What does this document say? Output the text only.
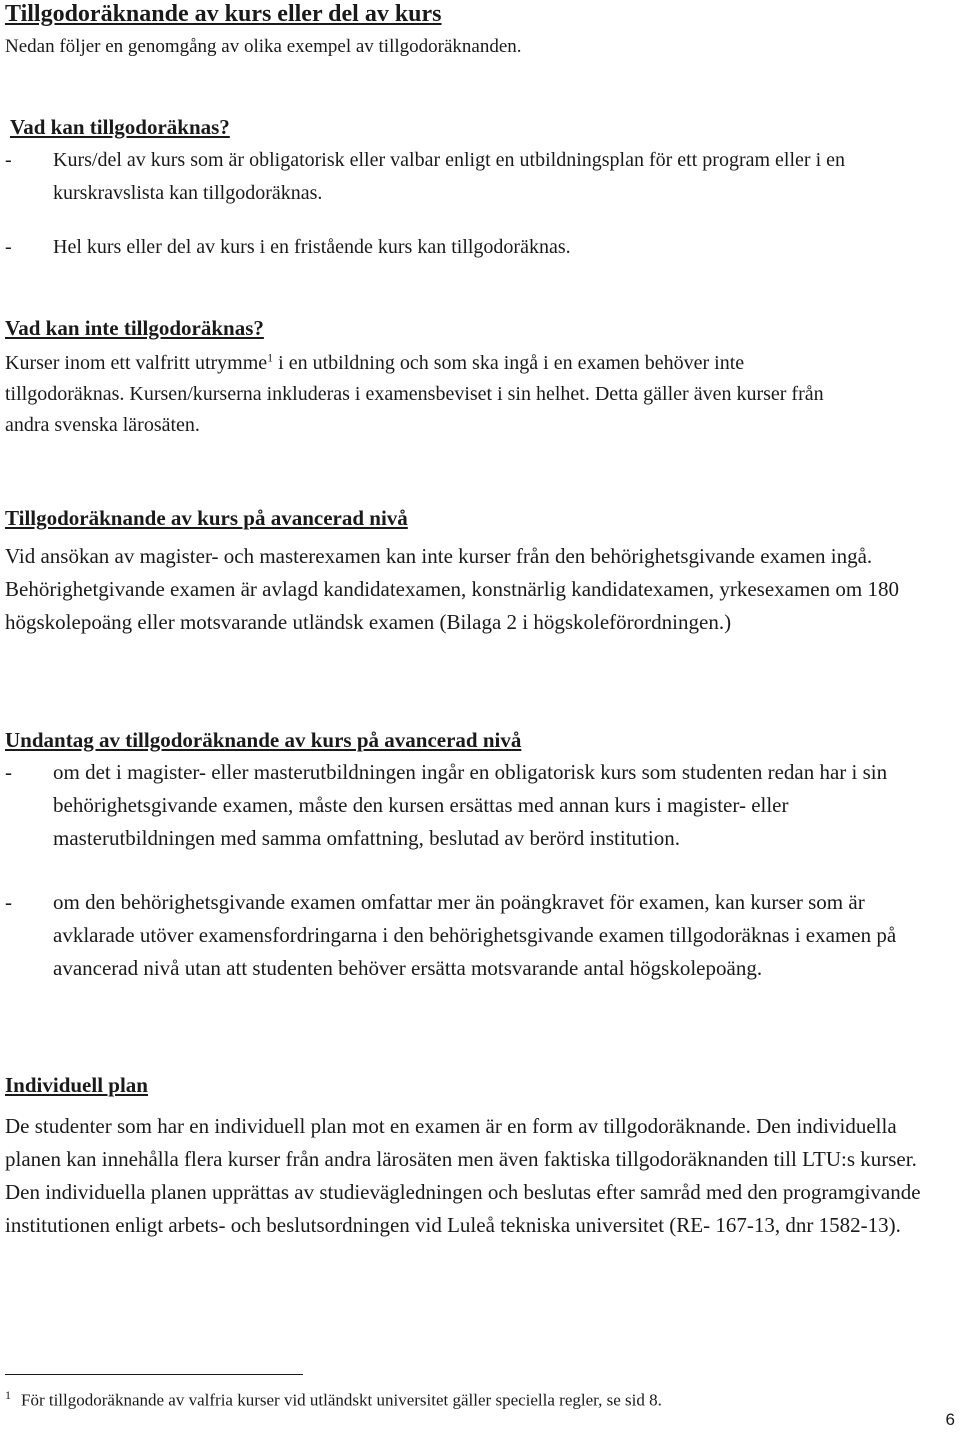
Tillgodoräknande av kurs eller del av kurs

Nedan följer en genomgång av olika exempel av tillgodoräknanden.

Vad kan tillgodoräknas?
-	Kurs/del av kurs som är obligatorisk eller valbar enligt en utbildningsplan för ett program eller i en kurskravslista kan tillgodoräknas.
-	Hel kurs eller del av kurs i en fristående kurs kan tillgodoräknas.
Vad kan inte tillgodoräknas?

Kurser inom ett valfritt utrymme$^1$ i en utbildning och som ska ingå i en examen behöver inte tillgodoräknas. Kursen/kurserna inkluderas i examensbeviset i sin helhet. Detta gäller även kurser från andra svenska lärosäten.

Tillgodoräknande av kurs på avancerad nivå

Vid ansökan av magister- och masterexamen kan inte kurser från den behörighetsgivande examen ingå. Behörighetgivande examen är avlagd kandidatexamen, konstnärlig kandidatexamen, yrkesexamen om 180 högskolepoäng eller motsvarande utländsk examen (Bilaga 2 i högskoleförordningen.)

Undantag av tillgodoräknande av kurs på avancerad nivå
-	om det i magister- eller masterutbildningen ingår en obligatorisk kurs som studenten redan har i sin behörighetsgivande examen, måste den kursen ersättas med annan kurs i magister- eller masterutbildningen med samma omfattning, beslutad av berörd institution.
-	om den behörighetsgivande examen omfattar mer än poängkravet för examen, kan kurser som är avklarade utöver examensfordringarna i den behörighetsgivande examen tillgodoräknas i examen på avancerad nivå utan att studenten behöver ersätta motsvarande antal högskolepoäng.
Individuell plan

De studenter som har en individuell plan mot en examen är en form av tillgodoräknande. Den individuella planen kan innehålla flera kurser från andra lärosäten men även faktiska tillgodoräknanden till LTU:s kurser. Den individuella planen upprättas av studievägledningen och beslutas efter samråd med den programgivande institutionen enligt arbets- och beslutsordningen vid Luleå tekniska universitet (RE- 167-13, dnr 1582-13).

$^1$ För tillgodoräknande av valfria kurser vid utländskt universitet gäller speciella regler, se sid 8.
6
